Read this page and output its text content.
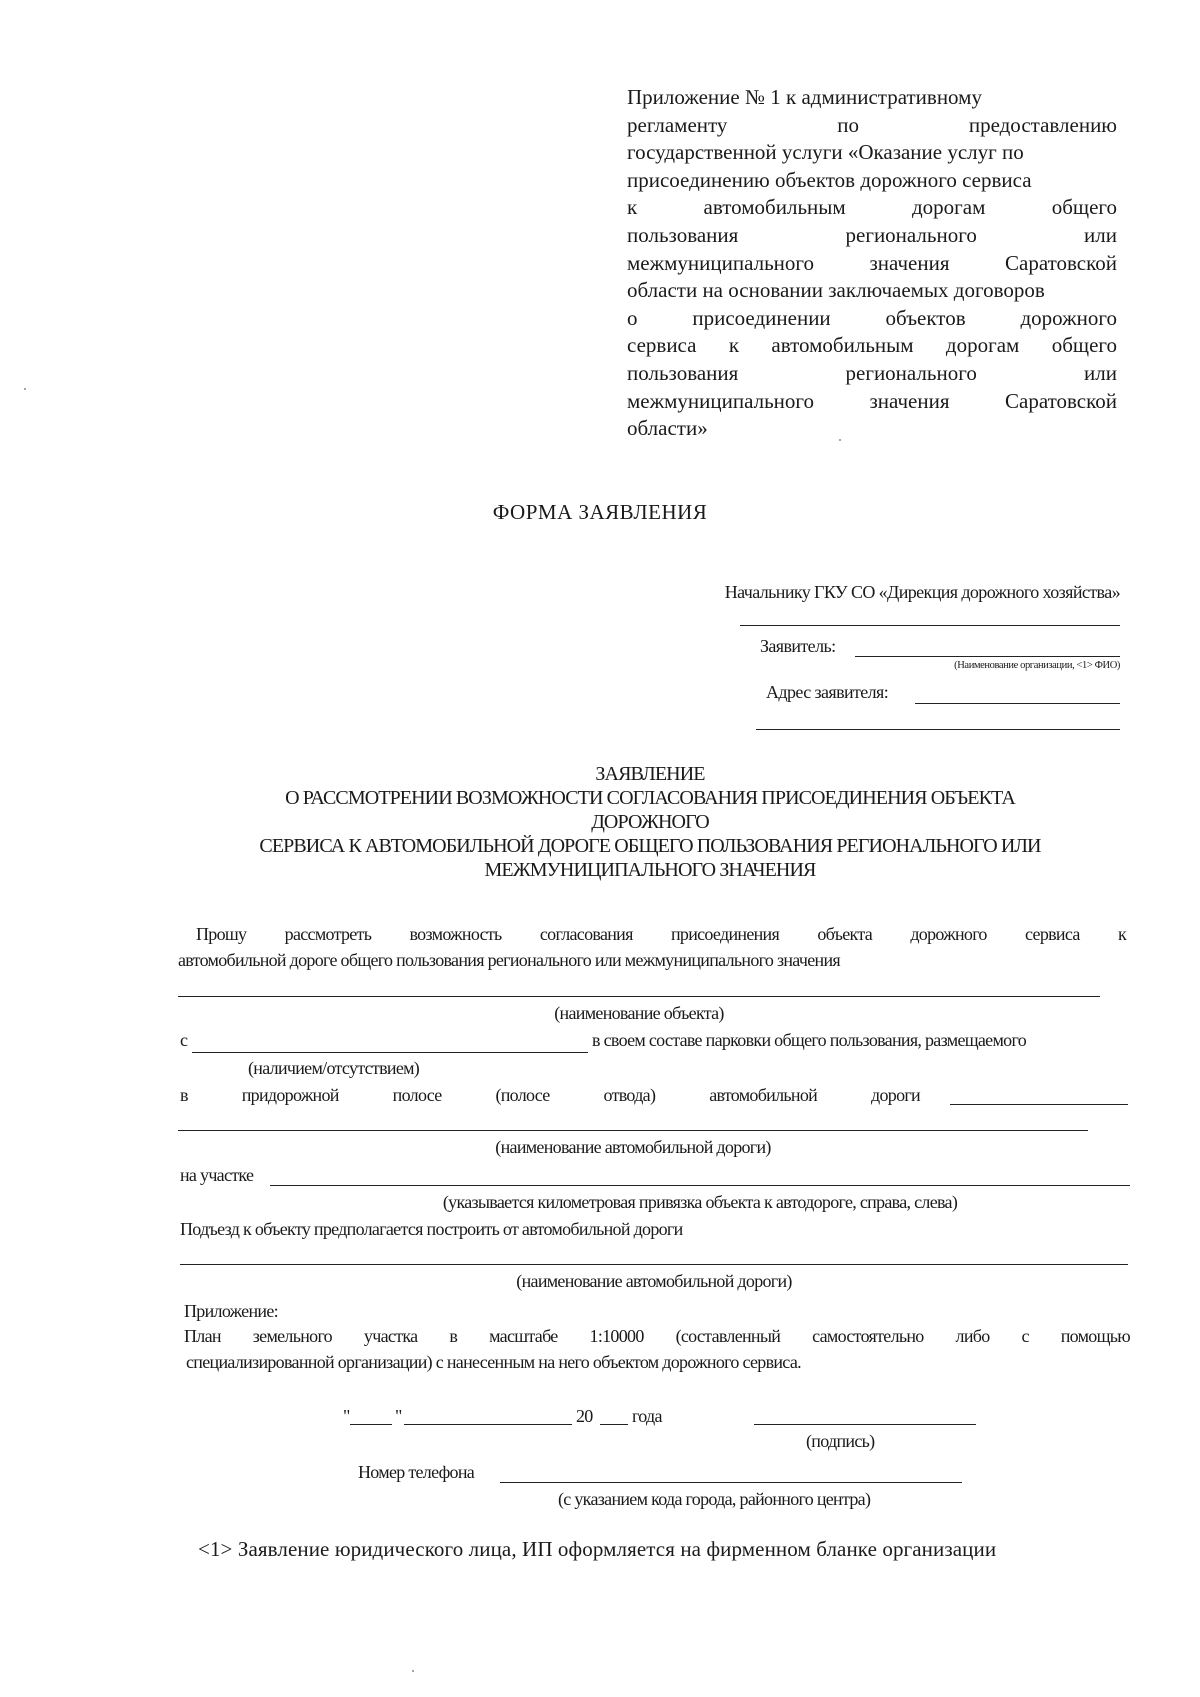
Приложение № 1 к административному
регламенту по предоставлению
государственной услуги «Оказание услуг по
присоединению объектов дорожного сервиса
к автомобильным дорогам общего
пользования регионального или
межмуниципального значения Саратовской
области на основании заключаемых договоров
о присоединении объектов дорожного
сервиса к автомобильным дорогам общего
пользования регионального или
межмуниципального значения Саратовской
области»
ФОРМА ЗАЯВЛЕНИЯ
Начальнику ГКУ СО «Дирекция дорожного хозяйства»
Заявитель:
(Наименование организации, <1> ФИО)
Адрес заявителя:
ЗАЯВЛЕНИЕ
О РАССМОТРЕНИИ ВОЗМОЖНОСТИ СОГЛАСОВАНИЯ ПРИСОЕДИНЕНИЯ ОБЪЕКТА
ДОРОЖНОГО
СЕРВИСА К АВТОМОБИЛЬНОЙ ДОРОГЕ ОБЩЕГО ПОЛЬЗОВАНИЯ РЕГИОНАЛЬНОГО ИЛИ
МЕЖМУНИЦИПАЛЬНОГО ЗНАЧЕНИЯ
Прошу рассмотреть возможность согласования присоединения объекта дорожного сервиса к
автомобильной дороге общего пользования регионального или межмуниципального значения
(наименование объекта)
с	в своем составе парковки общего пользования, размещаемого
(наличием/отсутствием)
в придорожной полосе (полосе отвода) автомобильной дороги
(наименование автомобильной дороги)
на участке
(указывается километровая привязка объекта к автодороге, справа, слева)
Подъезд к объекту предполагается построить от автомобильной дороги
(наименование автомобильной дороги)
Приложение:
План земельного участка в масштабе 1:10000 (составленный самостоятельно либо с помощью
специализированной организации) с нанесенным на него объектом дорожного сервиса.
"	"	20 года
(подпись)
Номер телефона
(с указанием кода города, районного центра)
<1> Заявление юридического лица, ИП оформляется на фирменном бланке организации
